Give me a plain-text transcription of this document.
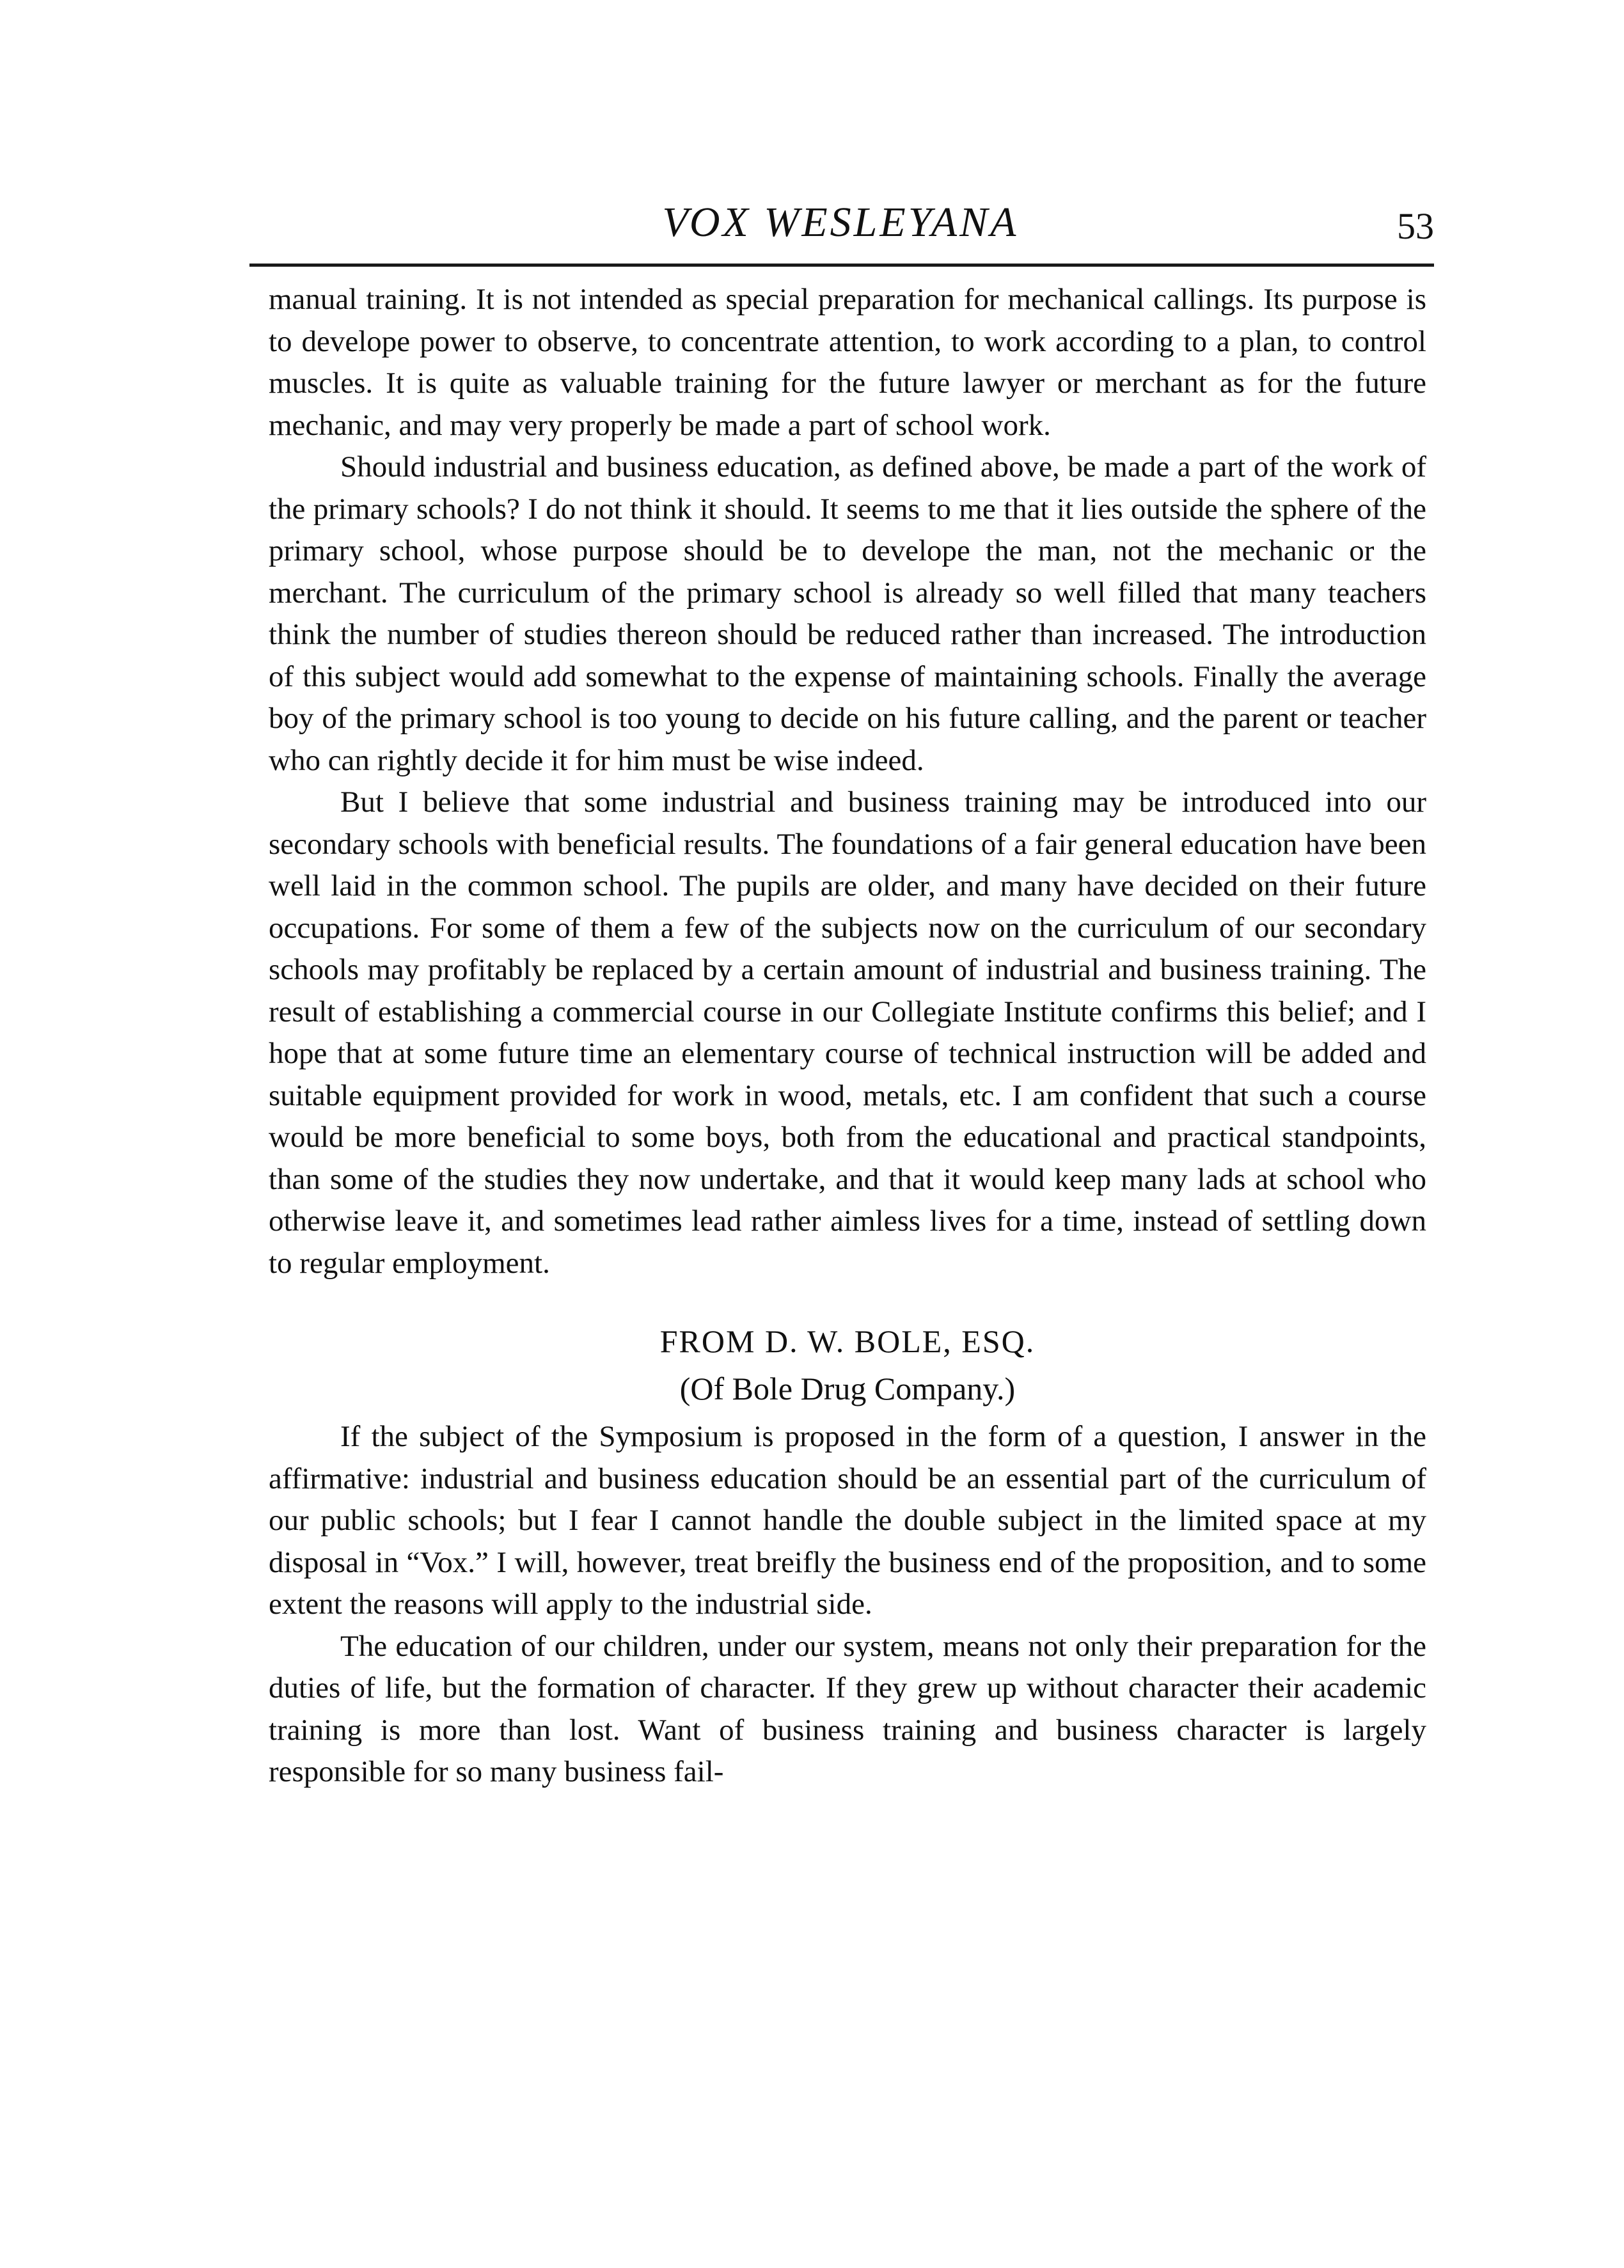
VOX WESLEYANA	53

manual training. It is not intended as special preparation for mechanical callings. Its purpose is to develope power to observe, to concentrate attention, to work according to a plan, to control muscles. It is quite as valuable training for the future lawyer or merchant as for the future mechanic, and may very properly be made a part of school work.

Should industrial and business education, as defined above, be made a part of the work of the primary schools? I do not think it should. It seems to me that it lies outside the sphere of the primary school, whose purpose should be to develope the man, not the mechanic or the merchant. The curriculum of the primary school is already so well filled that many teachers think the number of studies thereon should be reduced rather than increased. The introduction of this subject would add somewhat to the expense of maintaining schools. Finally the average boy of the primary school is too young to decide on his future calling, and the parent or teacher who can rightly decide it for him must be wise indeed.

But I believe that some industrial and business training may be introduced into our secondary schools with beneficial results. The foundations of a fair general education have been well laid in the common school. The pupils are older, and many have decided on their future occupations. For some of them a few of the subjects now on the curriculum of our secondary schools may profitably be replaced by a certain amount of industrial and business training. The result of establishing a commercial course in our Collegiate Institute confirms this belief; and I hope that at some future time an elementary course of technical instruction will be added and suitable equipment provided for work in wood, metals, etc. I am confident that such a course would be more beneficial to some boys, both from the educational and practical standpoints, than some of the studies they now undertake, and that it would keep many lads at school who otherwise leave it, and sometimes lead rather aimless lives for a time, instead of settling down to regular employment.

FROM D. W. BOLE, ESQ.

(Of Bole Drug Company.)

If the subject of the Symposium is proposed in the form of a question, I answer in the affirmative: industrial and business education should be an essential part of the curriculum of our public schools; but I fear I cannot handle the double subject in the limited space at my disposal in “Vox.” I will, however, treat breifly the business end of the proposition, and to some extent the reasons will apply to the industrial side.

The education of our children, under our system, means not only their preparation for the duties of life, but the formation of character. If they grew up without character their academic training is more than lost. Want of business training and business character is largely responsible for so many business fail-
